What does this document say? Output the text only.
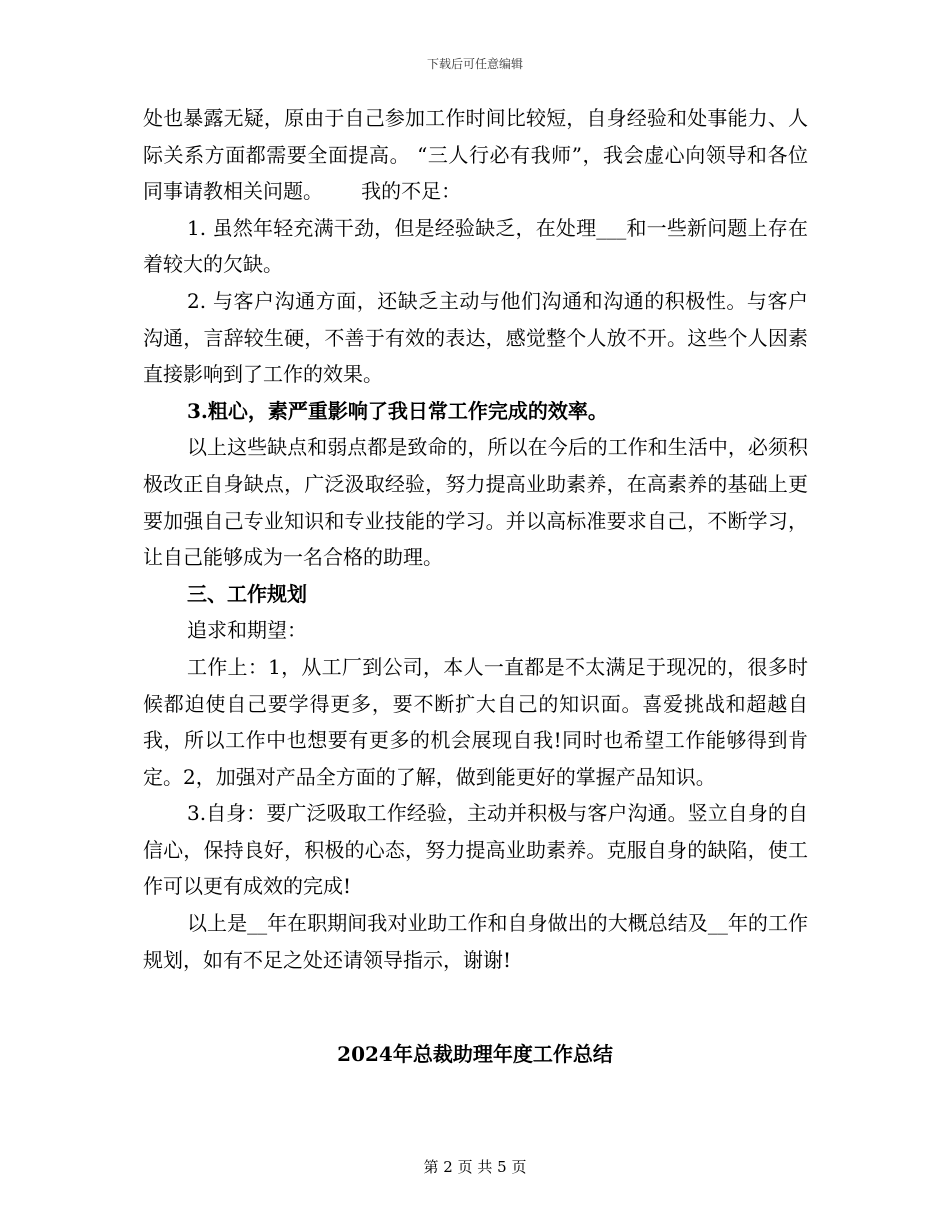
下载后可任意编辑

处也暴露无疑，原由于自己参加工作时间比较短，自身经验和处事能力、人际关系方面都需要全面提高。 “三人行必有我师”，我会虚心向领导和各位同事请教相关问题。      我的不足：

1. 虽然年轻充满干劲，但是经验缺乏，在处理___和一些新问题上存在着较大的欠缺。

2. 与客户沟通方面，还缺乏主动与他们沟通和沟通的积极性。与客户沟通，言辞较生硬，不善于有效的表达，感觉整个人放不开。这些个人因素直接影响到了工作的效果。

3.粗心，素严重影响了我日常工作完成的效率。

以上这些缺点和弱点都是致命的，所以在今后的工作和生活中，必须积极改正自身缺点，广泛汲取经验，努力提高业助素养，在高素养的基础上更要加强自己专业知识和专业技能的学习。并以高标准要求自己，不断学习，让自己能够成为一名合格的助理。

三、工作规划

追求和期望：

工作上：1，从工厂到公司，本人一直都是不太满足于现况的，很多时候都迫使自己要学得更多，要不断扩大自己的知识面。喜爱挑战和超越自我，所以工作中也想要有更多的机会展现自我!同时也希望工作能够得到肯定。2，加强对产品全方面的了解，做到能更好的掌握产品知识。

3.自身：要广泛吸取工作经验，主动并积极与客户沟通。竖立自身的自信心，保持良好，积极的心态，努力提高业助素养。克服自身的缺陷，使工作可以更有成效的完成!

以上是__年在职期间我对业助工作和自身做出的大概总结及__年的工作规划，如有不足之处还请领导指示，谢谢!

2024年总裁助理年度工作总结
第 2 页 共 5 页
